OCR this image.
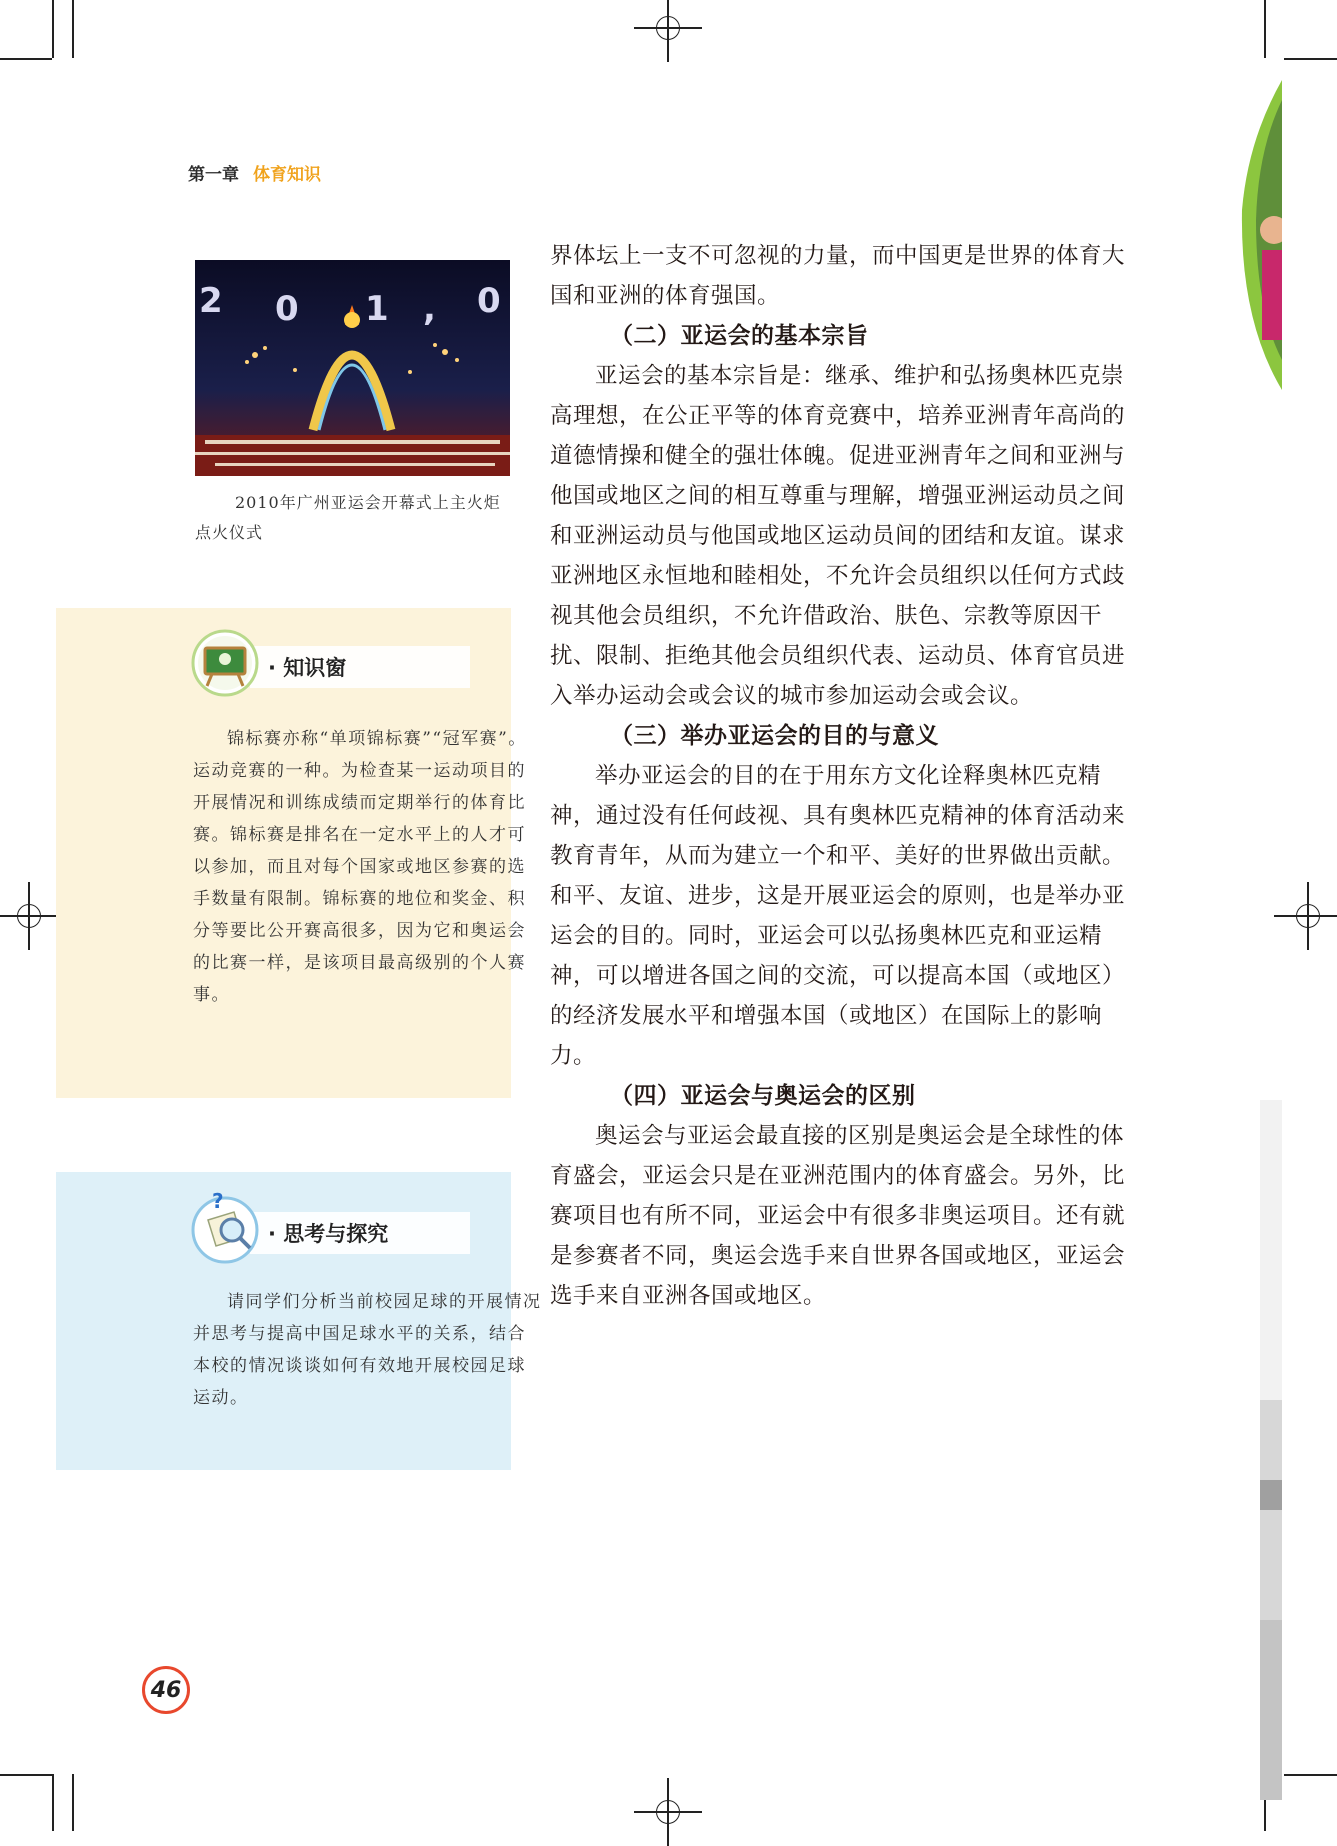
第一章 体育知识
2 0 1 , 0
2010年广州亚运会开幕式上主火炬点火仪式

界体坛上一支不可忽视的力量，而中国更是世界的体育大国和亚洲的体育强国。

（二）亚运会的基本宗旨

亚运会的基本宗旨是：继承、维护和弘扬奥林匹克崇高理想，在公正平等的体育竞赛中，培养亚洲青年高尚的道德情操和健全的强壮体魄。促进亚洲青年之间和亚洲与他国或地区之间的相互尊重与理解，增强亚洲运动员之间和亚洲运动员与他国或地区运动员间的团结和友谊。谋求亚洲地区永恒地和睦相处，不允许会员组织以任何方式歧视其他会员组织，不允许借政治、肤色、宗教等原因干扰、限制、拒绝其他会员组织代表、运动员、体育官员进入举办运动会或会议的城市参加运动会或会议。

（三）举办亚运会的目的与意义

举办亚运会的目的在于用东方文化诠释奥林匹克精神，通过没有任何歧视、具有奥林匹克精神的体育活动来教育青年，从而为建立一个和平、美好的世界做出贡献。和平、友谊、进步，这是开展亚运会的原则，也是举办亚运会的目的。同时，亚运会可以弘扬奥林匹克和亚运精神，可以增进各国之间的交流，可以提高本国（或地区）的经济发展水平和增强本国（或地区）在国际上的影响力。

（四）亚运会与奥运会的区别

奥运会与亚运会最直接的区别是奥运会是全球性的体育盛会，亚运会只是在亚洲范围内的体育盛会。另外，比赛项目也有所不同，亚运会中有很多非奥运项目。还有就是参赛者不同，奥运会选手来自世界各国或地区，亚运会选手来自亚洲各国或地区。

· 知识窗

锦标赛亦称“单项锦标赛”“冠军赛”。运动竞赛的一种。为检查某一运动项目的开展情况和训练成绩而定期举行的体育比赛。锦标赛是排名在一定水平上的人才可以参加，而且对每个国家或地区参赛的选手数量有限制。锦标赛的地位和奖金、积分等要比公开赛高很多，因为它和奥运会的比赛一样，是该项目最高级别的个人赛事。

?
· 思考与探究

请同学们分析当前校园足球的开展情况并思考与提高中国足球水平的关系，结合本校的情况谈谈如何有效地开展校园足球运动。

46
